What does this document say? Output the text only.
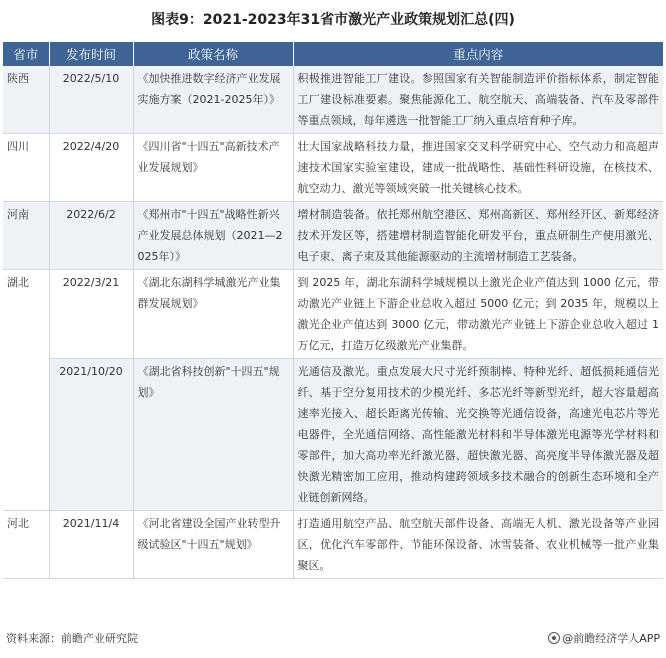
图表9：2021-2023年31省市激光产业政策规划汇总(四)
省市	发布时间	政策名称	重点内容
陕西	2022/5/10	《加快推进数字经济产业发展实施方案（2021-2025年）》	积极推进智能工厂建设。参照国家有关智能制造评价指标体系，制定智能工厂建设标准要素。聚焦能源化工、航空航天、高端装备、汽车及零部件等重点领域，每年遴选一批智能工厂纳入重点培育种子库。
四川	2022/4/20	《四川省"十四五"高新技术产业发展规划》	壮大国家战略科技力量，推进国家交叉科学研究中心、空气动力和高超声速技术国家实验室建设，建成一批战略性、基础性科研设施，在核技术、航空动力、激光等领域突破一批关键核心技术。
河南	2022/6/2	《郑州市"十四五"战略性新兴产业发展总体规划（2021—2025年）》	增材制造装备。依托郑州航空港区、郑州高新区、郑州经开区、新郑经济技术开发区等，搭建增材制造智能化研发平台，重点研制生产使用激光、电子束、离子束及其他能源驱动的主流增材制造工艺装备。
湖北	2022/3/21	《湖北东湖科学城激光产业集群发展规划》	到 2025 年，湖北东湖科学城规模以上激光企业产值达到 1000 亿元，带动激光产业链上下游企业总收入超过 5000 亿元；到 2035 年，规模以上激光企业产值达到 3000 亿元，带动激光产业链上下游企业总收入超过 1 万亿元，打造万亿级激光产业集群。
	2021/10/20	《湖北省科技创新"十四五"规划》	光通信及激光。重点发展大尺寸光纤预制棒、特种光纤、超低损耗通信光纤、基于空分复用技术的少模光纤、多芯光纤等新型光纤，超大容量超高速率光接入、超长距离光传输、光交换等光通信设备，高速光电芯片等光电器件，全光通信网络、高性能激光材料和半导体激光电源等光学材料和零部件，加大高功率光纤激光器、超快激光器、高亮度半导体激光器及超快激光精密加工应用，推动构建跨领域多技术融合的创新生态环境和全产业链创新网络。
河北	2021/11/4	《河北省建设全国产业转型升级试验区"十四五"规划》	打造通用航空产品、航空航天部件设备、高端无人机、激光设备等产业园区，优化汽车零部件、节能环保设备、冰雪装备、农业机械等一批产业集聚区。
资料来源：前瞻产业研究院	@前瞻经济学人APP
